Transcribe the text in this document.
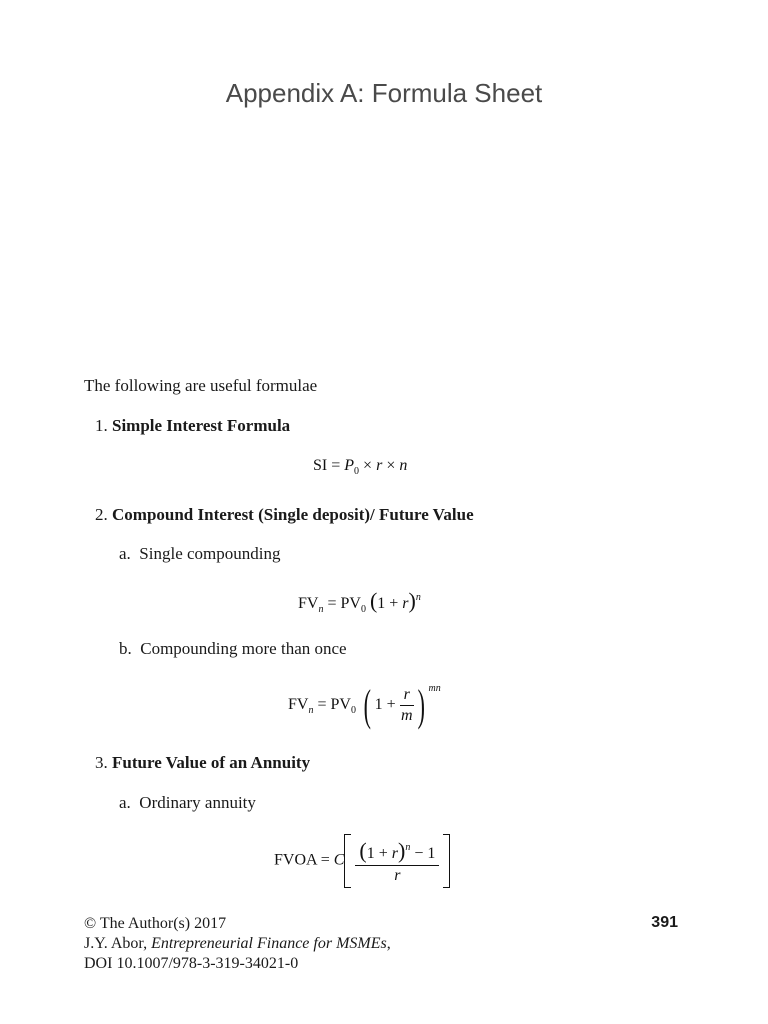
Appendix A: Formula Sheet
The following are useful formulae
1. Simple Interest Formula
SI = $P_0 \times r \times n$
2. Compound Interest (Single deposit)/ Future Value
a. Single compounding
$FV_n = PV_0$ $(1 + r)^n$
b. Compounding more than once
$FV_n = PV_0$ ( $1 + \frac{r}{m}$ ) $^{mn}$
3. Future Value of an Annuity
a. Ordinary annuity
FVOA = C $\frac{(1 + r)^n - 1}{r}$
© The Author(s) 2017
J.Y. Abor, Entrepreneurial Finance for MSMEs,
DOI 10.1007/978-3-319-34021-0
391
